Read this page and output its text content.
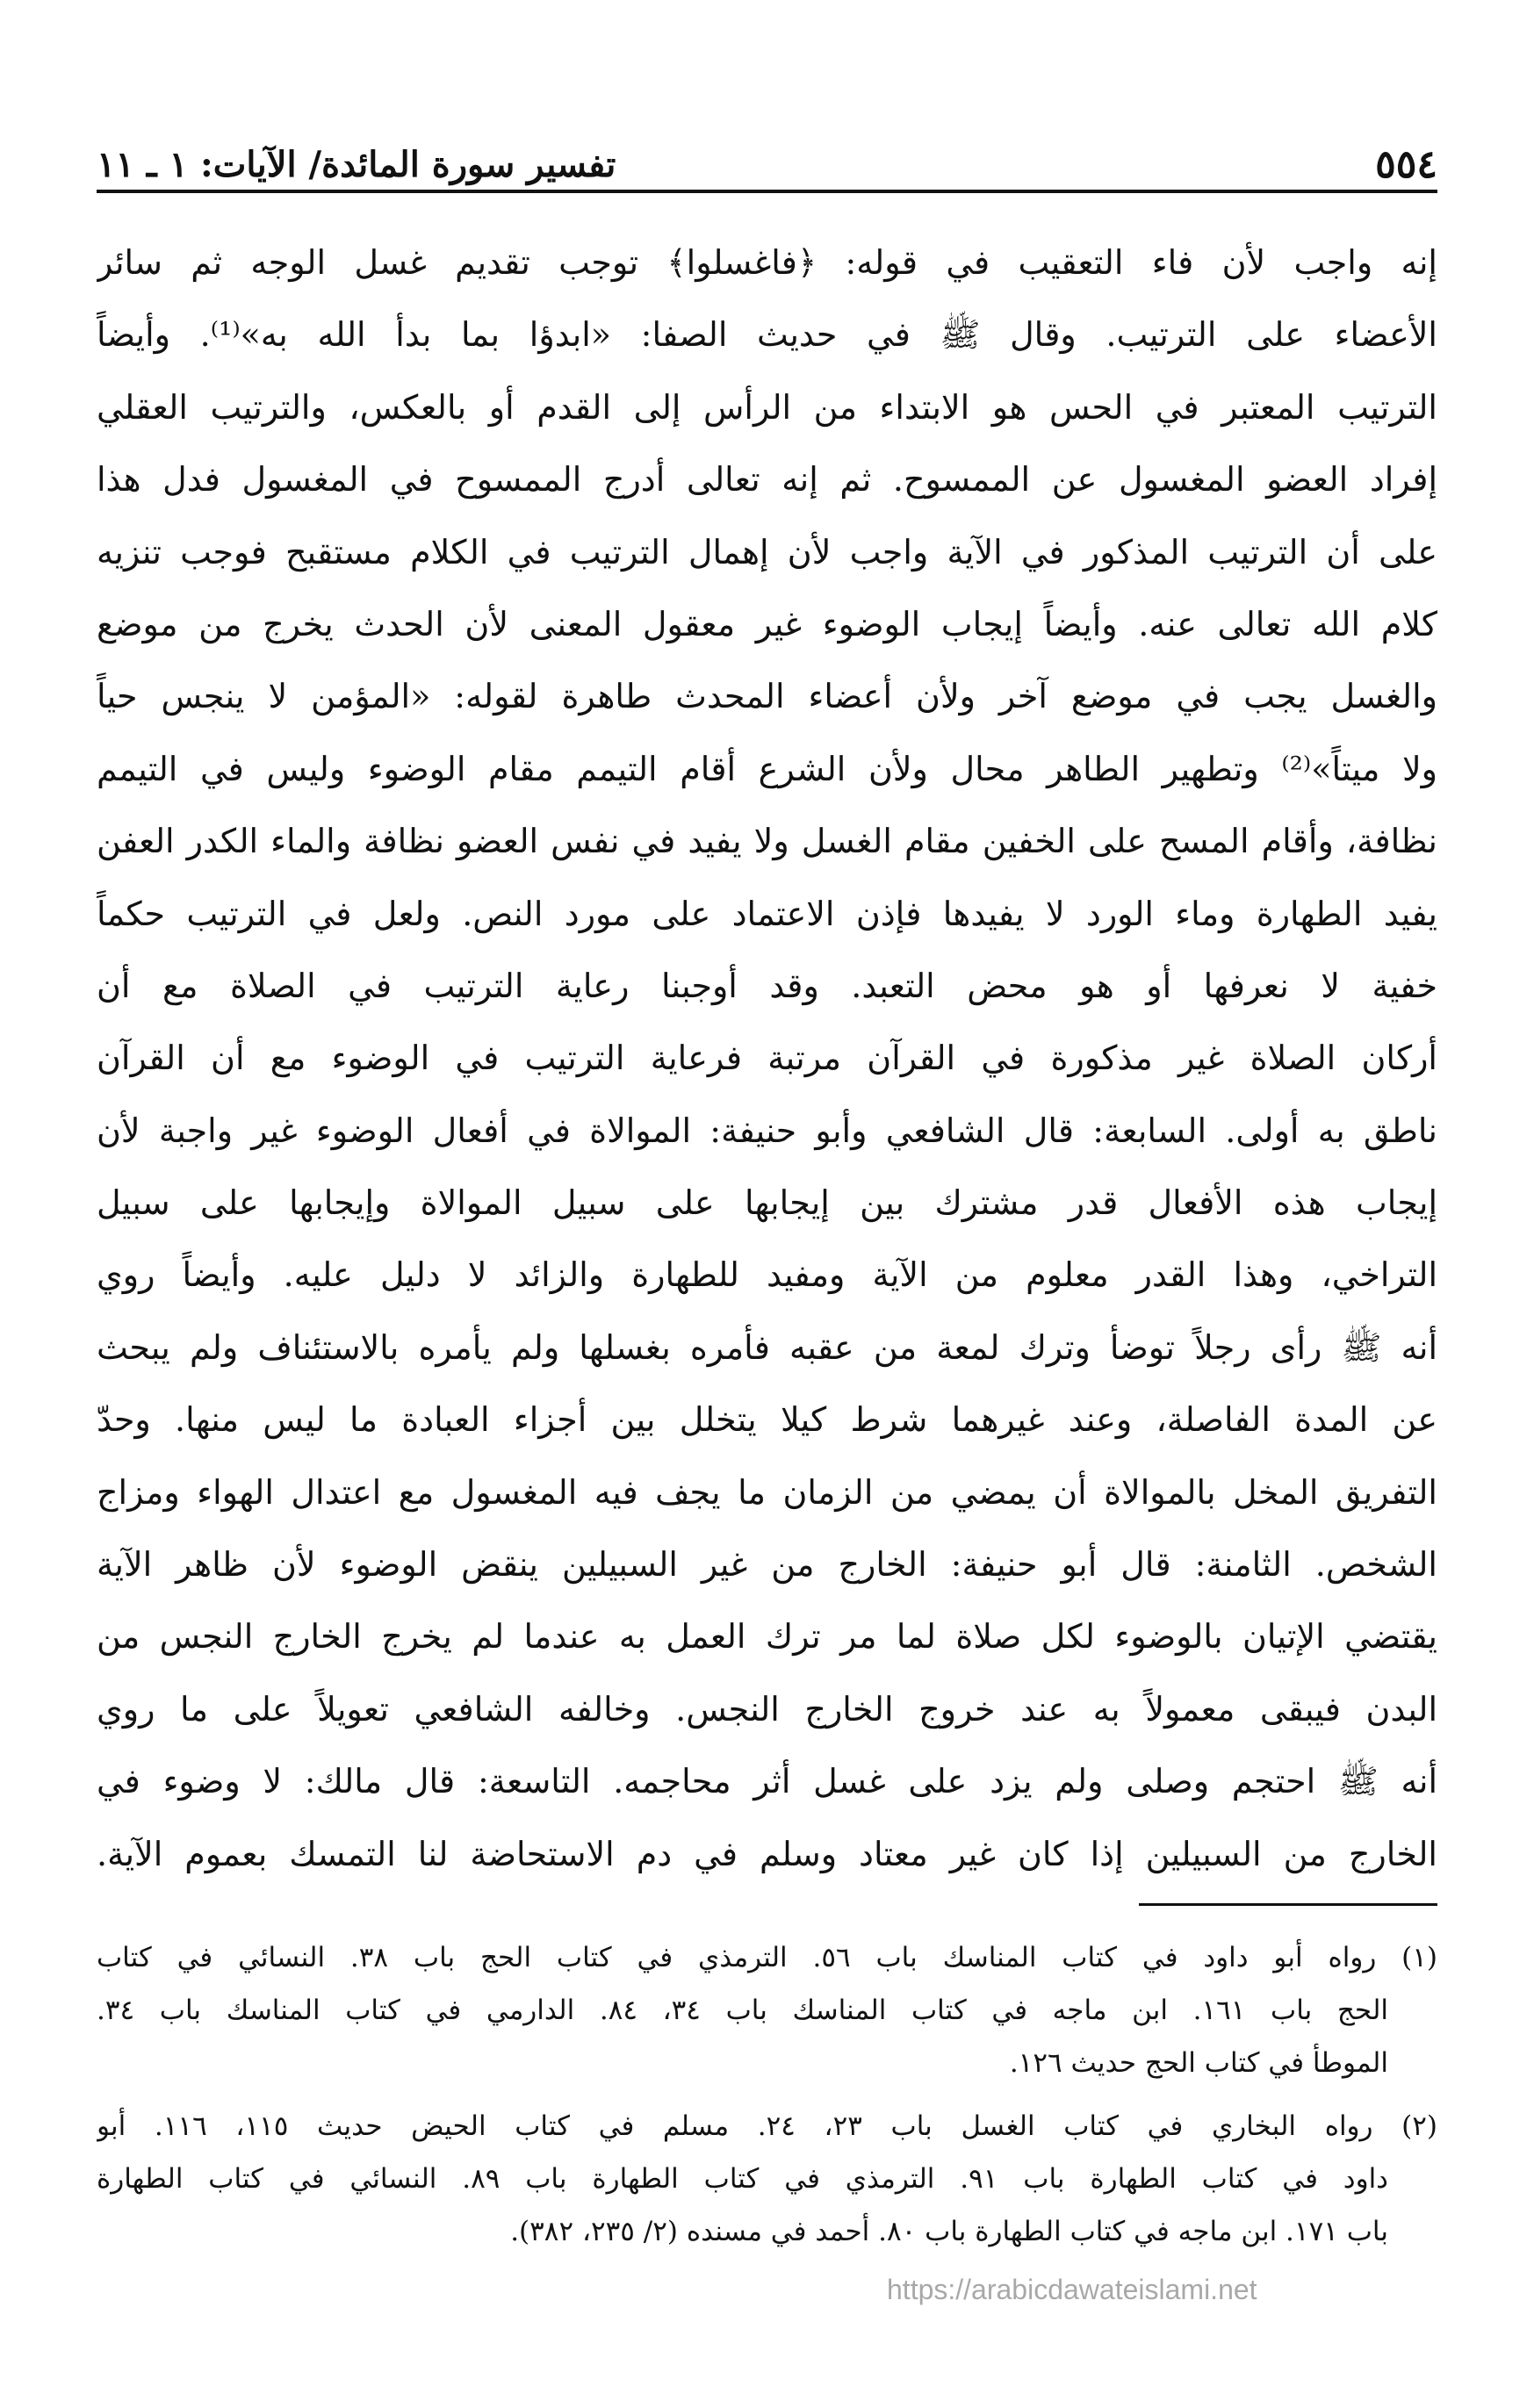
٥٥٤
تفسير سورة المائدة/ الآيات: ١ ـ ١١
إنه واجب لأن فاء التعقيب في قوله: ﴿فاغسلوا﴾ توجب تقديم غسل الوجه ثم سائر
الأعضاء على الترتيب. وقال ﷺ في حديث الصفا: «ابدؤا بما بدأ الله به»⁽¹⁾. وأيضاً
الترتيب المعتبر في الحس هو الابتداء من الرأس إلى القدم أو بالعكس، والترتيب العقلي
إفراد العضو المغسول عن الممسوح. ثم إنه تعالى أدرج الممسوح في المغسول فدل هذا
على أن الترتيب المذكور في الآية واجب لأن إهمال الترتيب في الكلام مستقبح فوجب تنزيه
كلام الله تعالى عنه. وأيضاً إيجاب الوضوء غير معقول المعنى لأن الحدث يخرج من موضع
والغسل يجب في موضع آخر ولأن أعضاء المحدث طاهرة لقوله: «المؤمن لا ينجس حياً
ولا ميتاً»⁽²⁾ وتطهير الطاهر محال ولأن الشرع أقام التيمم مقام الوضوء وليس في التيمم
نظافة، وأقام المسح على الخفين مقام الغسل ولا يفيد في نفس العضو نظافة والماء الكدر العفن
يفيد الطهارة وماء الورد لا يفيدها فإذن الاعتماد على مورد النص. ولعل في الترتيب حكماً
خفية لا نعرفها أو هو محض التعبد. وقد أوجبنا رعاية الترتيب في الصلاة مع أن
أركان الصلاة غير مذكورة في القرآن مرتبة فرعاية الترتيب في الوضوء مع أن القرآن
ناطق به أولى. السابعة: قال الشافعي وأبو حنيفة: الموالاة في أفعال الوضوء غير واجبة لأن
إيجاب هذه الأفعال قدر مشترك بين إيجابها على سبيل الموالاة وإيجابها على سبيل
التراخي، وهذا القدر معلوم من الآية ومفيد للطهارة والزائد لا دليل عليه. وأيضاً روي
أنه ﷺ رأى رجلاً توضأ وترك لمعة من عقبه فأمره بغسلها ولم يأمره بالاستئناف ولم يبحث
عن المدة الفاصلة، وعند غيرهما شرط كيلا يتخلل بين أجزاء العبادة ما ليس منها. وحدّ
التفريق المخل بالموالاة أن يمضي من الزمان ما يجف فيه المغسول مع اعتدال الهواء ومزاج
الشخص. الثامنة: قال أبو حنيفة: الخارج من غير السبيلين ينقض الوضوء لأن ظاهر الآية
يقتضي الإتيان بالوضوء لكل صلاة لما مر ترك العمل به عندما لم يخرج الخارج النجس من
البدن فيبقى معمولاً به عند خروج الخارج النجس. وخالفه الشافعي تعويلاً على ما روي
أنه ﷺ احتجم وصلى ولم يزد على غسل أثر محاجمه. التاسعة: قال مالك: لا وضوء في
الخارج من السبيلين إذا كان غير معتاد وسلم في دم الاستحاضة لنا التمسك بعموم الآية.
(١) رواه أبو داود في كتاب المناسك باب ٥٦. الترمذي في كتاب الحج باب ٣٨. النسائي في كتاب
الحج باب ١٦١. ابن ماجه في كتاب المناسك باب ٣٤، ٨٤. الدارمي في كتاب المناسك باب ٣٤.
الموطأ في كتاب الحج حديث ١٢٦.
(٢) رواه البخاري في كتاب الغسل باب ٢٣، ٢٤. مسلم في كتاب الحيض حديث ١١٥، ١١٦. أبو
داود في كتاب الطهارة باب ٩١. الترمذي في كتاب الطهارة باب ٨٩. النسائي في كتاب الطهارة
باب ١٧١. ابن ماجه في كتاب الطهارة باب ٨٠. أحمد في مسنده (٢/ ٢٣٥، ٣٨٢).
https://arabicdawateislami.net
